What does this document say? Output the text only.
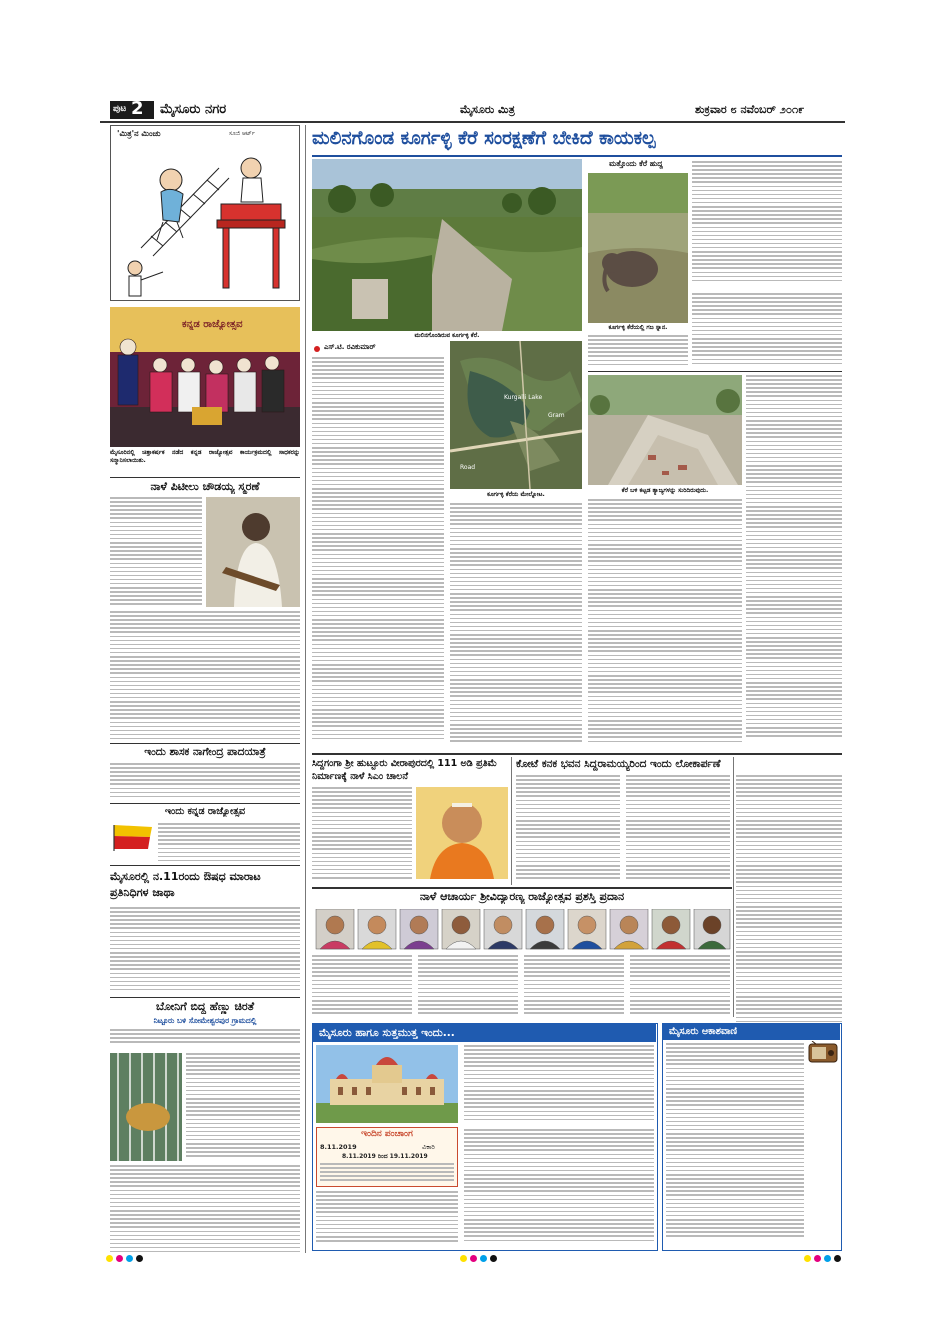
ಪುಟ 2 ಮೈಸೂರು ನಗರ	ಮೈಸೂರು ಮಿತ್ರ	ಶುಕ್ರವಾರ ೮ ನವೆಂಬರ್ ೨೦೧೯
'ಮಿತ್ರ'ನ ಮಿಂಚು	ಸೂಜಿ ಆರ್ಟ್
ಕನ್ನಡ ರಾಜ್ಯೋತ್ಸವ
ಮೈಸೂರಿನಲ್ಲಿ ಚಿತ್ತಾಕರ್ಷಕ ನಡೆದ ಕನ್ನಡ ರಾಜ್ಯೋತ್ಸವ ಕಾರ್ಯಕ್ರಮದಲ್ಲಿ ಸಾಧಕರನ್ನು ಸನ್ಮಾನಿಸಲಾಯಿತು.
ನಾಳೆ ಪಿಟೀಲು ಚೌಡಯ್ಯ ಸ್ಮರಣೆ
ಇಂದು ಶಾಸಕ ನಾಗೇಂದ್ರ ಪಾದಯಾತ್ರೆ
ಇಂದು ಕನ್ನಡ ರಾಜ್ಯೋತ್ಸವ
ಮೈಸೂರಲ್ಲಿ ನ.11ರಂದು ಔಷಧ ಮಾರಾಟ ಪ್ರತಿನಿಧಿಗಳ ಜಾಥಾ
ಬೋನಿಗೆ ಬಿದ್ದ ಹೆಣ್ಣು ಚಿರತೆ
ನಿಟ್ಟೂರು ಬಳಿ ಸೋಮೇಶ್ವರಪುರ ಗ್ರಾಮದಲ್ಲಿ
ಮಲಿನಗೊಂಡ ಕೂರ್ಗಳ್ಳಿ ಕೆರೆ ಸಂರಕ್ಷಣೆಗೆ ಬೇಕಿದೆ ಕಾಯಕಲ್ಪ
ಮಲಿನಗೊಂಡಿರುವ ಕೂರ್ಗಳ್ಳಿ ಕೆರೆ.
ಎಸ್.ಟಿ. ರವಿಕುಮಾರ್
Kurgalli Lake
Road
Gram
ಕೂರ್ಗಳ್ಳಿ ಕೆರೆಯ ಮೇಲ್ನೋಟ.
ಮತ್ತೊಂದು ಕೆರೆ ಹುದ್ದ
ಕೂರ್ಗಳ್ಳಿ ಕೆರೆಯಲ್ಲಿ ಗಜ ಸ್ನಾನ.
ಕೆರೆ ಬಳಿ ಕಟ್ಟಡ ತ್ಯಾಜ್ಯಗಳನ್ನು ಸುರಿದಿರುವುದು.
ಸಿದ್ದಗಂಗಾ ಶ್ರೀ ಹುಟ್ಟೂರು ವೀರಾಪುರದಲ್ಲಿ 111 ಅಡಿ ಪ್ರತಿಮೆ ನಿರ್ಮಾಣಕ್ಕೆ ನಾಳೆ ಸಿಎಂ ಚಾಲನೆ
ಕೋಟೆ ಕನಕ ಭವನ ಸಿದ್ದರಾಮಯ್ಯರಿಂದ ಇಂದು ಲೋಕಾರ್ಪಣೆ
ನಾಳೆ ಆಚಾರ್ಯ ಶ್ರೀವಿದ್ಯಾರಣ್ಯ ರಾಜ್ಯೋತ್ಸವ ಪ್ರಶಸ್ತಿ ಪ್ರದಾನ
ಮೈಸೂರು ಹಾಗೂ ಸುತ್ತಮುತ್ತ ಇಂದು...
ಇಂದಿನ ಪಂಚಾಂಗ
8.11.2019	ವಿಕಾರಿ
8.11.2019 ರಿಂದ 19.11.2019
ಮೈಸೂರು ಆಕಾಶವಾಣಿ
